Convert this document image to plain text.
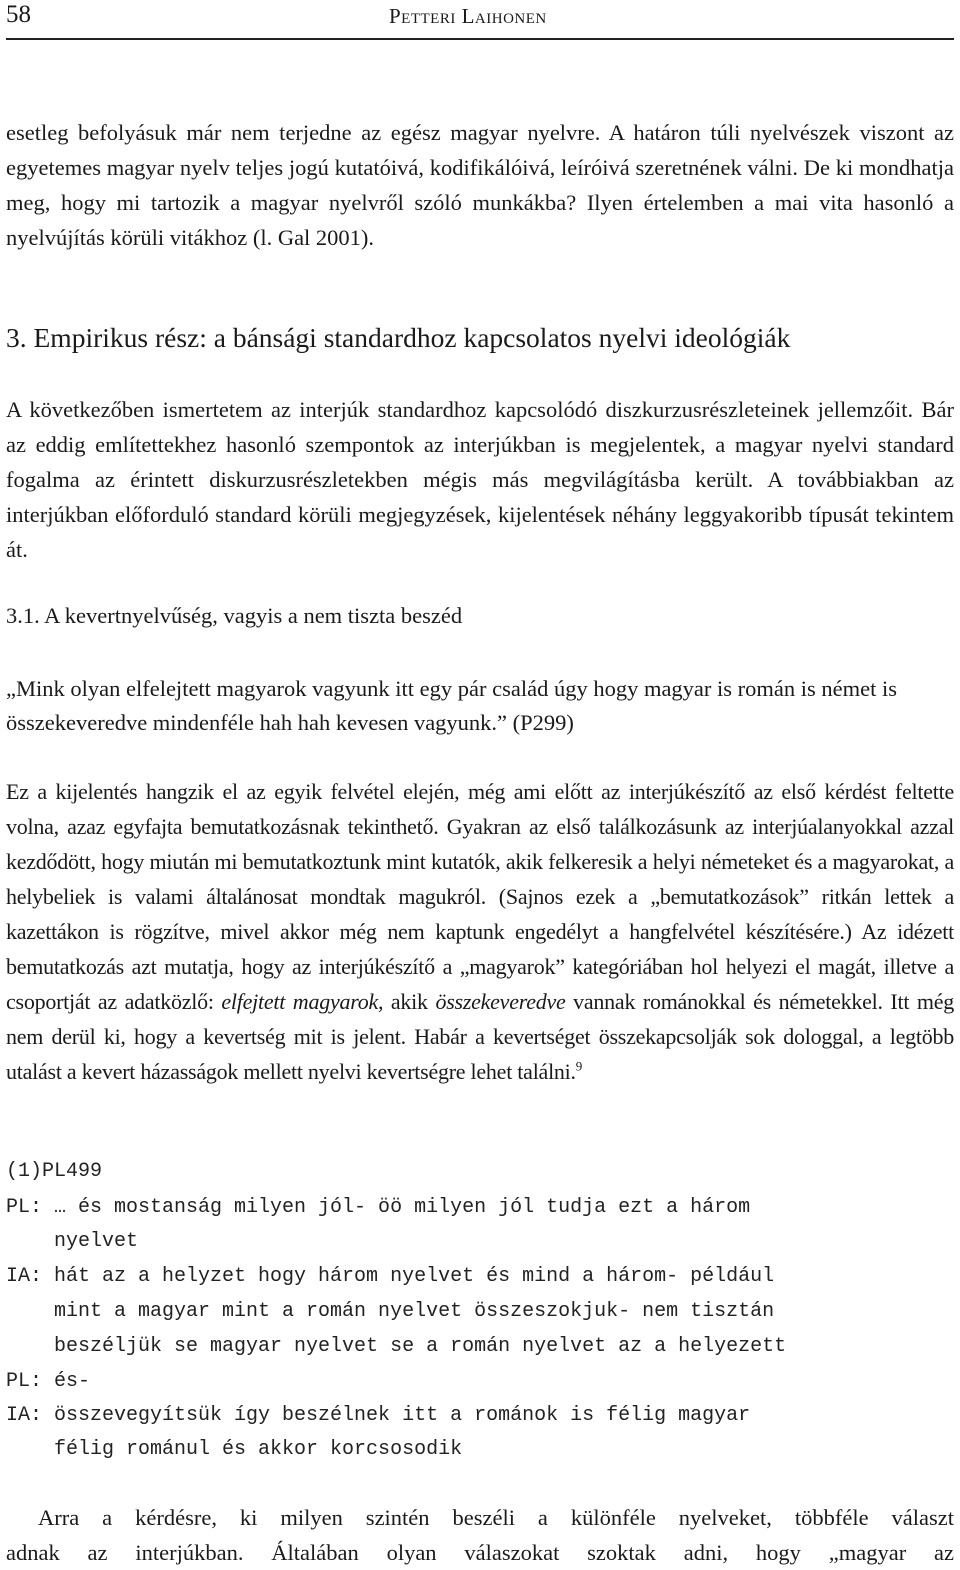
58	Petteri Laihonen

esetleg befolyásuk már nem terjedne az egész magyar nyelvre. A határon túli nyelvészek viszont az egyetemes magyar nyelv teljes jogú kutatóivá, kodifikálóivá, leíróivá szeretnének válni. De ki mondhatja meg, hogy mi tartozik a magyar nyelvről szóló munkákba? Ilyen értelemben a mai vita hasonló a nyelvújítás körüli vitákhoz (l. Gal 2001).

3. Empirikus rész: a bánsági standardhoz kapcsolatos nyelvi ideológiák

A következőben ismertetem az interjúk standardhoz kapcsolódó diszkurzusrészleteinek jellemzőit. Bár az eddig említettekhez hasonló szempontok az interjúkban is megjelentek, a magyar nyelvi standard fogalma az érintett diskurzusrészletekben mégis más megvilágításba került. A továbbiakban az interjúkban előforduló standard körüli megjegyzések, kijelentések néhány leggyakoribb típusát tekintem át.

3.1. A kevertnyelvűség, vagyis a nem tiszta beszéd

„Mink olyan elfelejtett magyarok vagyunk itt egy pár család úgy hogy magyar is román is német is összekeveredve mindenféle hah hah kevesen vagyunk.” (P299)

Ez a kijelentés hangzik el az egyik felvétel elején, még ami előtt az interjúkészítő az első kérdést feltette volna, azaz egyfajta bemutatkozásnak tekinthető. Gyakran az első találkozásunk az interjúalanyokkal azzal kezdődött, hogy miután mi bemutatkoztunk mint kutatók, akik felkeresik a helyi németeket és a magyarokat, a helybeliek is valami általánosat mondtak magukról. (Sajnos ezek a „bemutatkozások” ritkán lettek a kazettákon is rögzítve, mivel akkor még nem kaptunk engedélyt a hangfelvétel készítésére.) Az idézett bemutatkozás azt mutatja, hogy az interjúkészítő a „magyarok” kategóriában hol helyezi el magát, illetve a csoportját az adatközlő: elfejtett magyarok, akik összekeveredve vannak románokkal és németekkel. Itt még nem derül ki, hogy a kevertség mit is jelent. Habár a kevertséget összekapcsolják sok dologgal, a legtöbb utalást a kevert házasságok mellett nyelvi kevertségre lehet találni.$^9$

(1)PL499
PL: … és mostanság milyen jól- öö milyen jól tudja ezt a három
nyelvet
IA: hát az a helyzet hogy három nyelvet és mind a három- például
mint a magyar mint a román nyelvet összeszokjuk- nem tisztán
beszéljük se magyar nyelvet se a román nyelvet az a helyezett
PL: és-
IA: összevegyítsük így beszélnek itt a románok is félig magyar
félig románul és akkor korcsosodik

Arra a kérdésre, ki milyen szintén beszéli a különféle nyelveket, többféle választ
adnak az interjúkban. Általában olyan válaszokat szoktak adni, hogy „magyar az
